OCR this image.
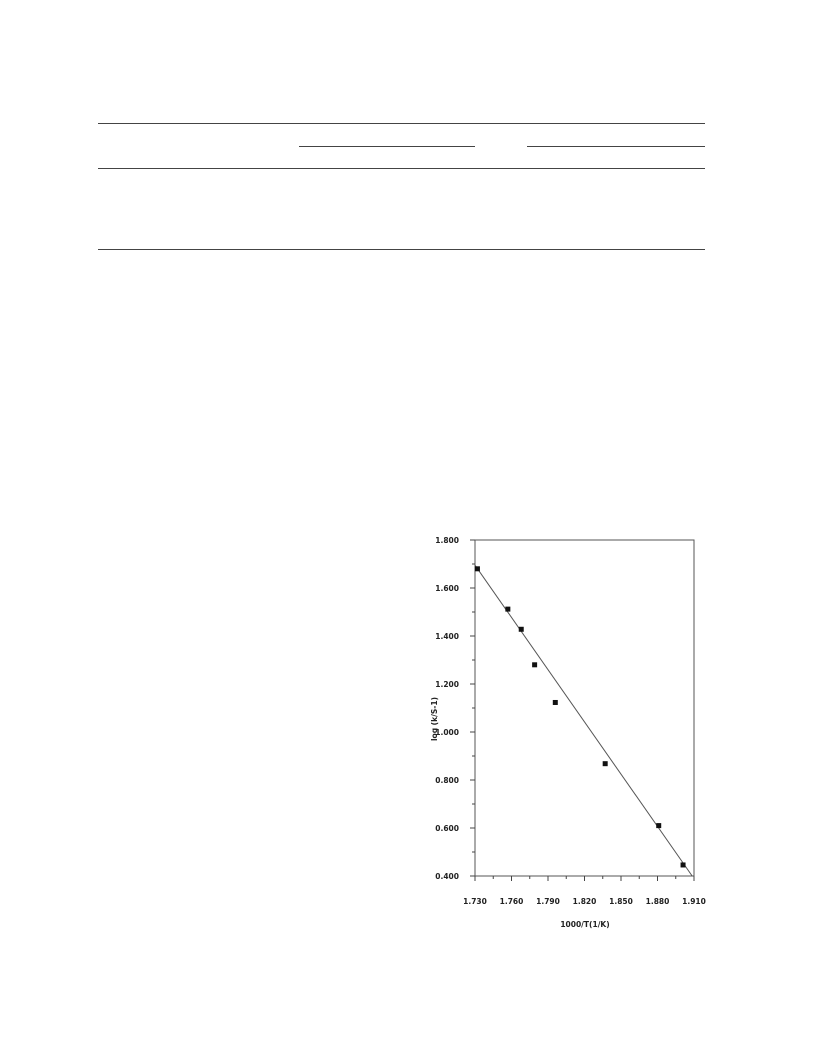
0.400
0.600
0.800
1.000
1.200
1.400
1.600
1.800
1.730 1.760 1.790 1.820 1.850 1.880 1.910
log (k/S-1)
1000/T(1/K)
